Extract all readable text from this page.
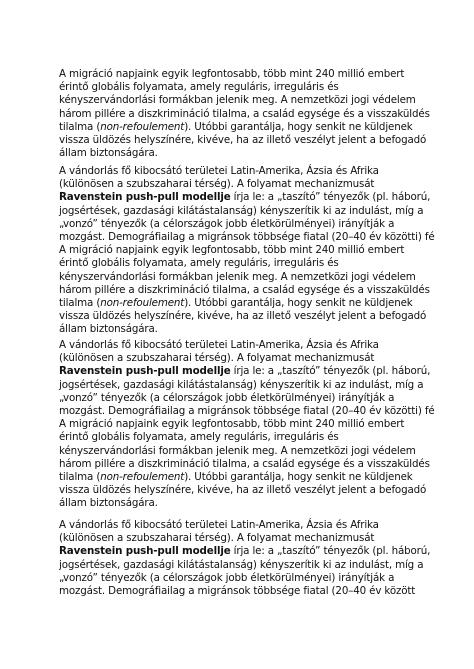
A migráció napjaink egyik legfontosabb, több mint 240 millió embert
érintő globális folyamata, amely reguláris, irreguláris és
kényszervándorlási formákban jelenik meg. A nemzetközi jogi védelem
három pillére a diszkrimináció tilalma, a család egysége és a visszaküldés
tilalma (non-refoulement). Utóbbi garantálja, hogy senkit ne küldjenek
vissza üldözés helyszínére, kivéve, ha az illető veszélyt jelent a befogadó
állam biztonságára.
A vándorlás fő kibocsátó területei Latin-Amerika, Ázsia és Afrika
(különösen a szubszaharai térség). A folyamat mechanizmusát
Ravenstein push-pull modellje írja le: a „taszító” tényezők (pl. háború,
jogsértések, gazdasági kilátástalanság) kényszerítik ki az indulást, míg a
„vonzó” tényezők (a célországok jobb életkörülményei) irányítják a
mozgást. Demográfiailag a migránsok többsége fiatal (20–40 év közötti) fé
A migráció napjaink egyik legfontosabb, több mint 240 millió embert
érintő globális folyamata, amely reguláris, irreguláris és
kényszervándorlási formákban jelenik meg. A nemzetközi jogi védelem
három pillére a diszkrimináció tilalma, a család egysége és a visszaküldés
tilalma (non-refoulement). Utóbbi garantálja, hogy senkit ne küldjenek
vissza üldözés helyszínére, kivéve, ha az illető veszélyt jelent a befogadó
állam biztonságára.
A vándorlás fő kibocsátó területei Latin-Amerika, Ázsia és Afrika
(különösen a szubszaharai térség). A folyamat mechanizmusát
Ravenstein push-pull modellje írja le: a „taszító” tényezők (pl. háború,
jogsértések, gazdasági kilátástalanság) kényszerítik ki az indulást, míg a
„vonzó” tényezők (a célországok jobb életkörülményei) irányítják a
mozgást. Demográfiailag a migránsok többsége fiatal (20–40 év közötti) fé
A migráció napjaink egyik legfontosabb, több mint 240 millió embert
érintő globális folyamata, amely reguláris, irreguláris és
kényszervándorlási formákban jelenik meg. A nemzetközi jogi védelem
három pillére a diszkrimináció tilalma, a család egysége és a visszaküldés
tilalma (non-refoulement). Utóbbi garantálja, hogy senkit ne küldjenek
vissza üldözés helyszínére, kivéve, ha az illető veszélyt jelent a befogadó
állam biztonságára.
A vándorlás fő kibocsátó területei Latin-Amerika, Ázsia és Afrika
(különösen a szubszaharai térség). A folyamat mechanizmusát
Ravenstein push-pull modellje írja le: a „taszító” tényezők (pl. háború,
jogsértések, gazdasági kilátástalanság) kényszerítik ki az indulást, míg a
„vonzó” tényezők (a célországok jobb életkörülményei) irányítják a
mozgást. Demográfiailag a migránsok többsége fiatal (20–40 év között
